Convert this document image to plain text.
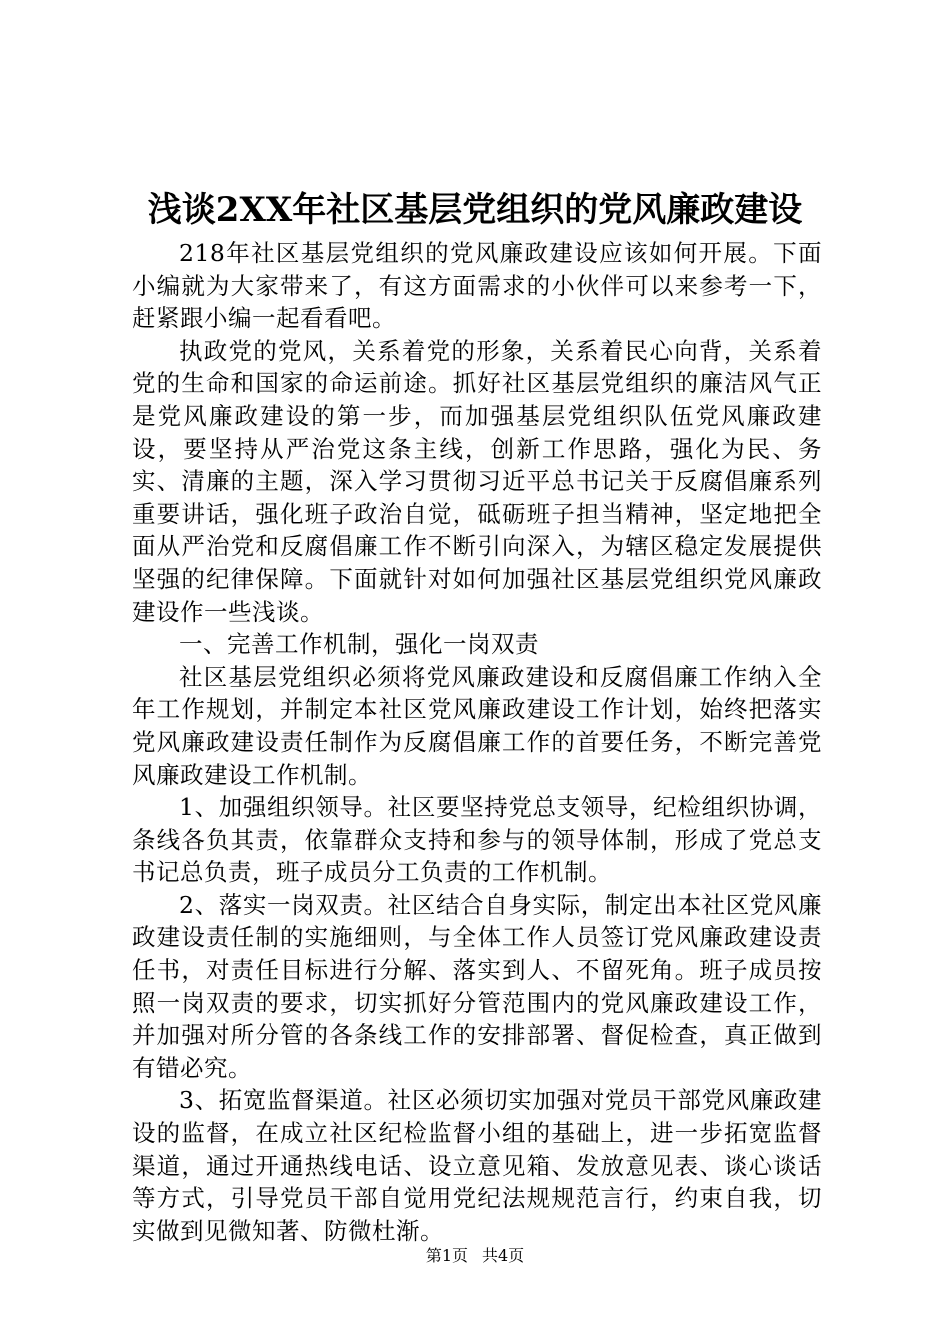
浅谈2XX年社区基层党组织的党风廉政建设

218年社区基层党组织的党风廉政建设应该如何开展。下面小编就为大家带来了，有这方面需求的小伙伴可以来参考一下，赶紧跟小编一起看看吧。

执政党的党风，关系着党的形象，关系着民心向背，关系着党的生命和国家的命运前途。抓好社区基层党组织的廉洁风气正是党风廉政建设的第一步，而加强基层党组织队伍党风廉政建设，要坚持从严治党这条主线，创新工作思路，强化为民、务实、清廉的主题，深入学习贯彻习近平总书记关于反腐倡廉系列重要讲话，强化班子政治自觉，砥砺班子担当精神，坚定地把全面从严治党和反腐倡廉工作不断引向深入，为辖区稳定发展提供坚强的纪律保障。下面就针对如何加强社区基层党组织党风廉政建设作一些浅谈。

一、完善工作机制，强化一岗双责

社区基层党组织必须将党风廉政建设和反腐倡廉工作纳入全年工作规划，并制定本社区党风廉政建设工作计划，始终把落实党风廉政建设责任制作为反腐倡廉工作的首要任务，不断完善党风廉政建设工作机制。

1、加强组织领导。社区要坚持党总支领导，纪检组织协调，条线各负其责，依靠群众支持和参与的领导体制，形成了党总支书记总负责，班子成员分工负责的工作机制。

2、落实一岗双责。社区结合自身实际，制定出本社区党风廉政建设责任制的实施细则，与全体工作人员签订党风廉政建设责任书，对责任目标进行分解、落实到人、不留死角。班子成员按照一岗双责的要求，切实抓好分管范围内的党风廉政建设工作，并加强对所分管的各条线工作的安排部署、督促检查，真正做到有错必究。

3、拓宽监督渠道。社区必须切实加强对党员干部党风廉政建设的监督，在成立社区纪检监督小组的基础上，进一步拓宽监督渠道，通过开通热线电话、设立意见箱、发放意见表、谈心谈话等方式，引导党员干部自觉用党纪法规规范言行，约束自我，切实做到见微知著、防微杜渐。

第1页 共4页
